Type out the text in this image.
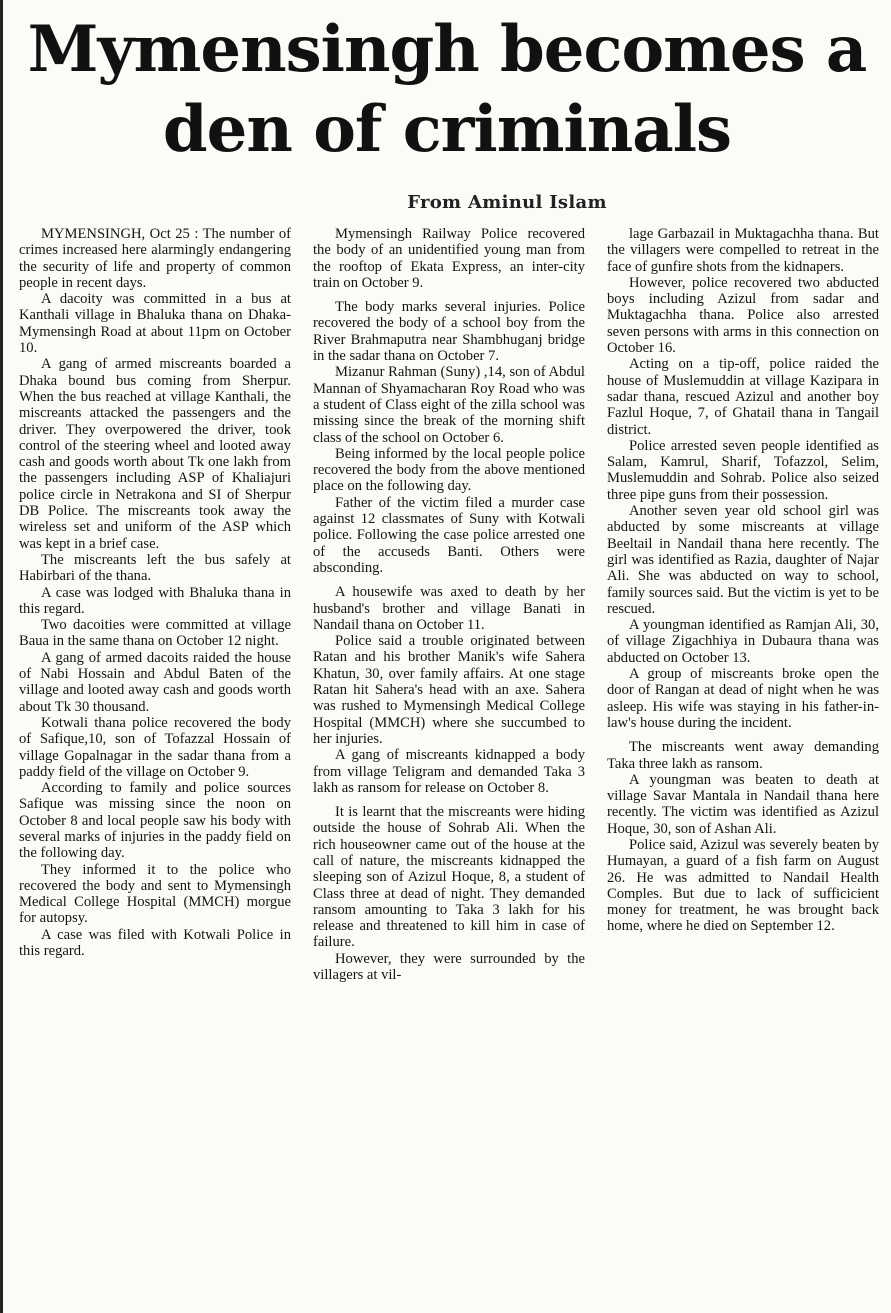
Mymensingh becomes a
den of criminals
From Aminul Islam

MYMENSINGH, Oct 25 : The number of crimes increased here alarmingly endangering the security of life and property of common people in recent days.

A dacoity was committed in a bus at Kanthali village in Bhaluka thana on Dhaka-Mymensingh Road at about 11pm on October 10.

A gang of armed miscreants boarded a Dhaka bound bus coming from Sherpur. When the bus reached at village Kanthali, the miscreants attacked the passengers and the driver. They overpowered the driver, took control of the steering wheel and looted away cash and goods worth about Tk one lakh from the passengers including ASP of Khaliajuri police circle in Netrakona and SI of Sherpur DB Police. The miscreants took away the wireless set and uniform of the ASP which was kept in a brief case.

The miscreants left the bus safely at Habirbari of the thana.

A case was lodged with Bhaluka thana in this regard.

Two dacoities were committed at village Baua in the same thana on October 12 night.

A gang of armed dacoits raided the house of Nabi Hossain and Abdul Baten of the village and looted away cash and goods worth about Tk 30 thousand.

Kotwali thana police recovered the body of Safique,10, son of Tofazzal Hossain of village Gopalnagar in the sadar thana from a paddy field of the village on October 9.

According to family and police sources Safique was missing since the noon on October 8 and local people saw his body with several marks of injuries in the paddy field on the following day.

They informed it to the police who recovered the body and sent to Mymensingh Medical College Hospital (MMCH) morgue for autopsy.

A case was filed with Kotwali Police in this regard.

Mymensingh Railway Police recovered the body of an unidentified young man from the rooftop of Ekata Express, an inter-city train on October 9.

The body marks several injuries. Police recovered the body of a school boy from the River Brahmaputra near Shambhuganj bridge in the sadar thana on October 7.

Mizanur Rahman (Suny) ,14, son of Abdul Mannan of Shyamacharan Roy Road who was a student of Class eight of the zilla school was missing since the break of the morning shift class of the school on October 6.

Being informed by the local people police recovered the body from the above mentioned place on the following day.

Father of the victim filed a murder case against 12 classmates of Suny with Kotwali police. Following the case police arrested one of the accuseds Banti. Others were absconding.

A housewife was axed to death by her husband's brother and village Banati in Nandail thana on October 11.

Police said a trouble originated between Ratan and his brother Manik's wife Sahera Khatun, 30, over family affairs. At one stage Ratan hit Sahera's head with an axe. Sahera was rushed to Mymensingh Medical College Hospital (MMCH) where she succumbed to her injuries.

A gang of miscreants kidnapped a body from village Teligram and demanded Taka 3 lakh as ransom for release on October 8.

It is learnt that the miscreants were hiding outside the house of Sohrab Ali. When the rich houseowner came out of the house at the call of nature, the miscreants kidnapped the sleeping son of Azizul Hoque, 8, a student of Class three at dead of night. They demanded ransom amounting to Taka 3 lakh for his release and threatened to kill him in case of failure.

However, they were surrounded by the villagers at vil-

lage Garbazail in Muktagachha thana. But the villagers were compelled to retreat in the face of gunfire shots from the kidnapers.

However, police recovered two abducted boys including Azizul from sadar and Muktagachha thana. Police also arrested seven persons with arms in this connection on October 16.

Acting on a tip-off, police raided the house of Muslemuddin at village Kazipara in sadar thana, rescued Azizul and another boy Fazlul Hoque, 7, of Ghatail thana in Tangail district.

Police arrested seven people identified as Salam, Kamrul, Sharif, Tofazzol, Selim, Muslemuddin and Sohrab. Police also seized three pipe guns from their possession.

Another seven year old school girl was abducted by some miscreants at village Beeltail in Nandail thana here recently. The girl was identified as Razia, daughter of Najar Ali. She was abducted on way to school, family sources said. But the victim is yet to be rescued.

A youngman identified as Ramjan Ali, 30, of village Zigachhiya in Dubaura thana was abducted on October 13.

A group of miscreants broke open the door of Rangan at dead of night when he was asleep. His wife was staying in his father-in-law's house during the incident.

The miscreants went away demanding Taka three lakh as ransom.

A youngman was beaten to death at village Savar Mantala in Nandail thana here recently. The victim was identified as Azizul Hoque, 30, son of Ashan Ali.

Police said, Azizul was severely beaten by Humayan, a guard of a fish farm on August 26. He was admitted to Nandail Health Comples. But due to lack of sufficicient money for treatment, he was brought back home, where he died on September 12.
